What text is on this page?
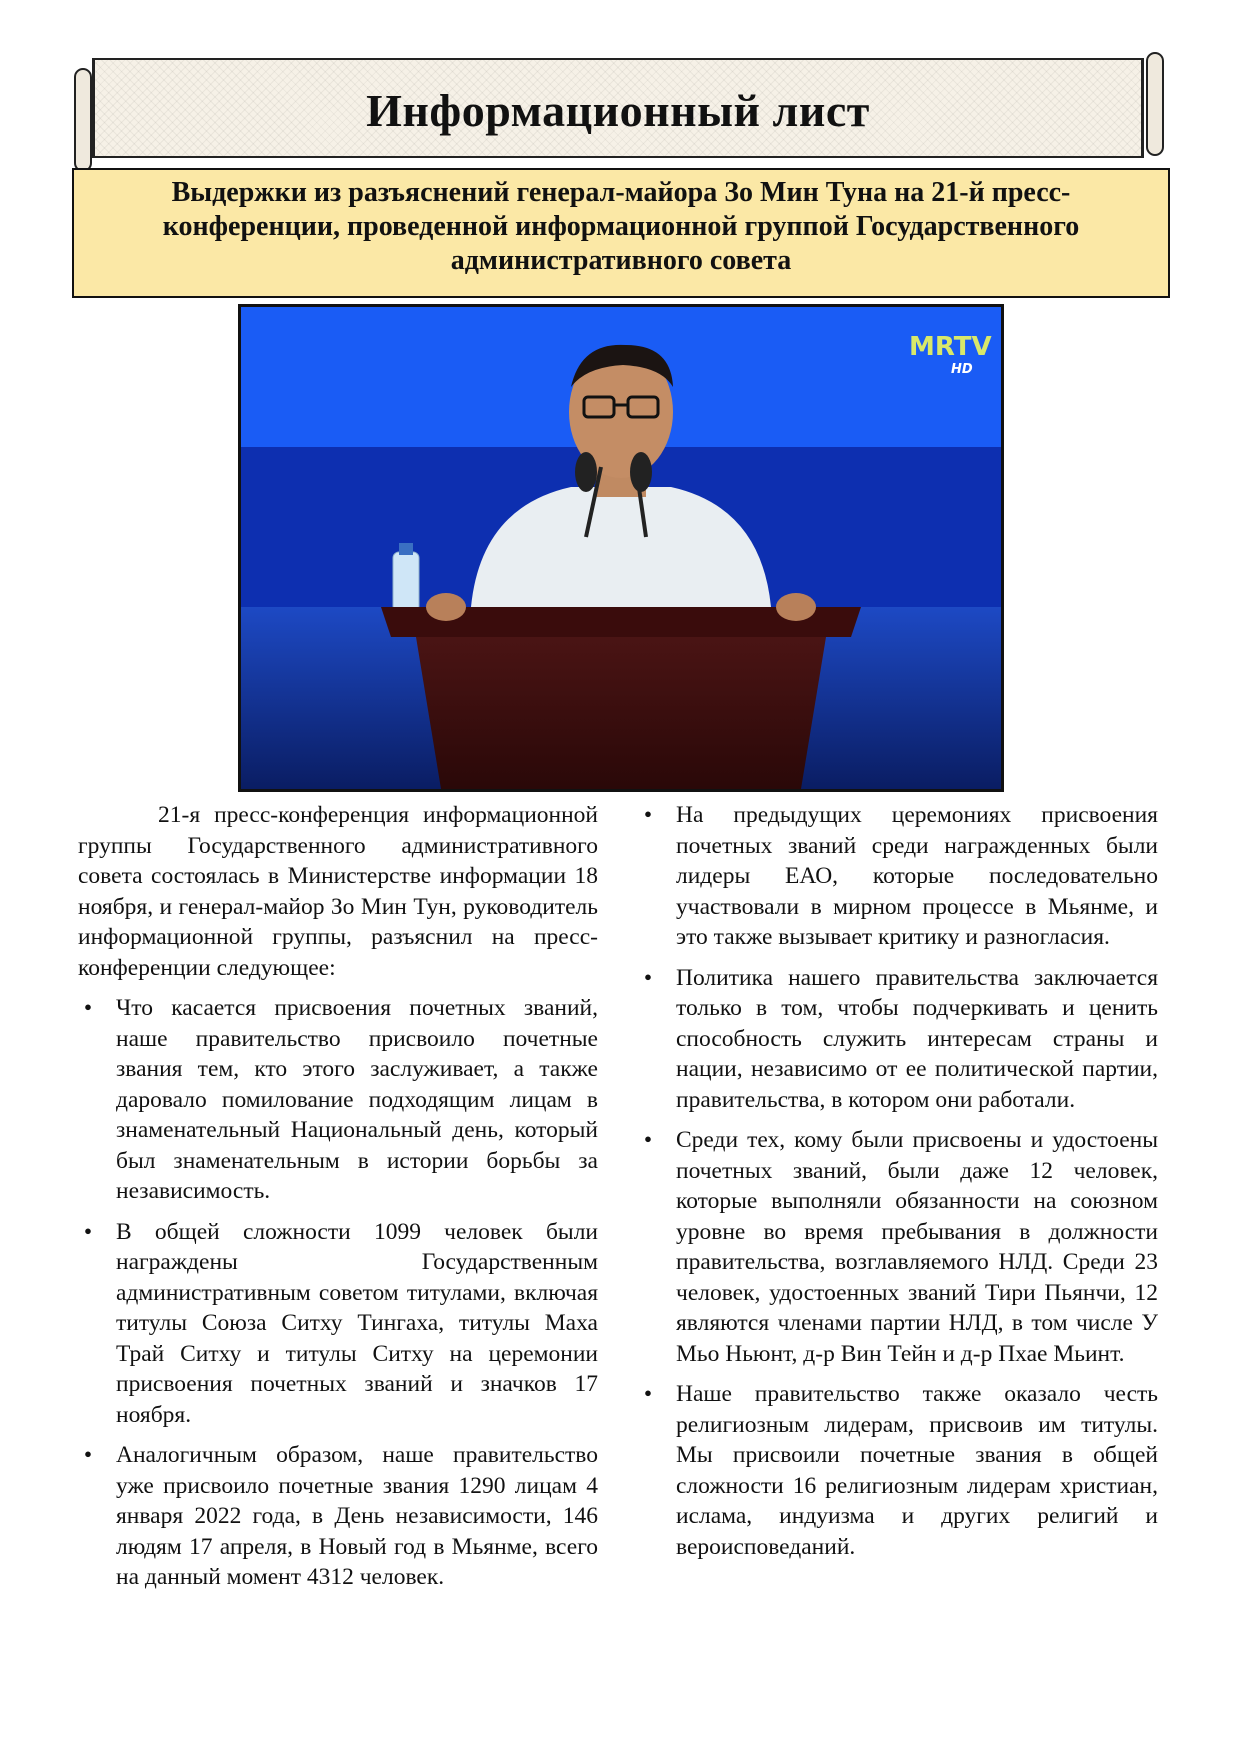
Информационный лист
Выдержки из разъяснений генерал-майора Зо Мин Туна на 21-й пресс-конференции, проведенной информационной группой Государственного административного совета
MRTV
HD

21-я пресс-конференция информационной группы Государственного административного совета состоялась в Министерстве информации 18 ноября, и генерал-майор Зо Мин Тун, руководитель информационной группы, разъяснил на пресс-конференции следующее:

• Что касается присвоения почетных званий, наше правительство присвоило почетные звания тем, кто этого заслуживает, а также даровало помилование подходящим лицам в знаменательный Национальный день, который был знаменательным в истории борьбы за независимость.
• В общей сложности 1099 человек были награждены Государственным административным советом титулами, включая титулы Союза Ситху Тингаха, титулы Маха Трай Ситху и титулы Ситху на церемонии присвоения почетных званий и значков 17 ноября.
• Аналогичным образом, наше правительство уже присвоило почетные звания 1290 лицам 4 января 2022 года, в День независимости, 146 людям 17 апреля, в Новый год в Мьянме, всего на данный момент 4312 человек.
• На предыдущих церемониях присвоения почетных званий среди награжденных были лидеры ЕАО, которые последовательно участвовали в мирном процессе в Мьянме, и это также вызывает критику и разногласия.
• Политика нашего правительства заключается только в том, чтобы подчеркивать и ценить способность служить интересам страны и нации, независимо от ее политической партии, правительства, в котором они работали.
• Среди тех, кому были присвоены и удостоены почетных званий, были даже 12 человек, которые выполняли обязанности на союзном уровне во время пребывания в должности правительства, возглавляемого НЛД. Среди 23 человек, удостоенных званий Тири Пьянчи, 12 являются членами партии НЛД, в том числе У Мьо Ньюнт, д-р Вин Тейн и д-р Пхае Мьинт.
• Наше правительство также оказало честь религиозным лидерам, присвоив им титулы. Мы присвоили почетные звания в общей сложности 16 религиозным лидерам христиан, ислама, индуизма и других религий и вероисповеданий.
